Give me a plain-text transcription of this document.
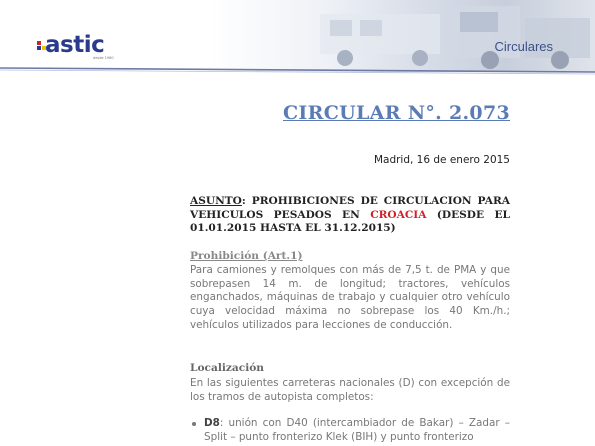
astic
desde 1960
Circulares
CIRCULAR N°. 2.073
Madrid, 16 de enero 2015
ASUNTO: PROHIBICIONES DE CIRCULACION PARA VEHICULOS PESADOS EN CROACIA (DESDE EL 01.01.2015 HASTA EL 31.12.2015)
Prohibición (Art.1)
Para camiones y remolques con más de 7,5 t. de PMA y que sobrepasen 14 m. de longitud; tractores, vehículos enganchados, máquinas de trabajo y cualquier otro vehículo cuya velocidad máxima no sobrepase los 40 Km./h.; vehículos utilizados para lecciones de conducción.
Localización
En las siguientes carreteras nacionales (D) con excepción de los tramos de autopista completos:
D8: unión con D40 (intercambiador de Bakar) – Zadar – Split – punto fronterizo Klek (BIH) y punto fronterizo
